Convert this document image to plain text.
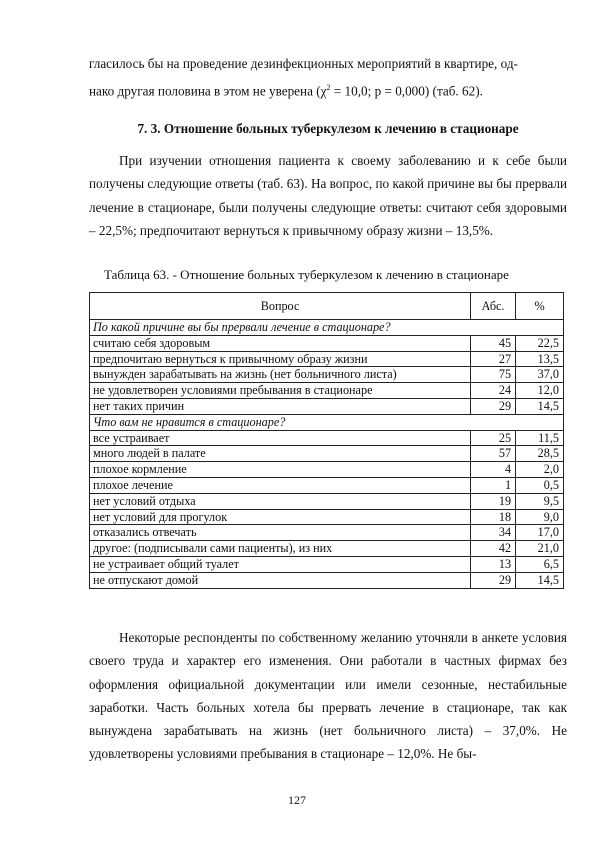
гласилось бы на проведение дезинфекционных мероприятий в квартире, од-

нако другая половина в этом не уверена ($\chi^2 = 10,0$; p = 0,000) (таб. 62).

7. 3. Отношение больных туберкулезом к лечению в стационаре

При изучении отношения пациента к своему заболеванию и к себе были получены следующие ответы (таб. 63). На вопрос, по какой причине вы бы прервали лечение в стационаре, были получены следующие ответы: считают себя здоровыми – 22,5%; предпочитают вернуться к привычному образу жизни – 13,5%.

Таблица 63. - Отношение больных туберкулезом к лечению в стационаре

Вопрос	Абс.	%
По какой причине вы бы прервали лечение в стационаре?		
считаю себя здоровым	45	22,5
предпочитаю вернуться к привычному образу жизни	27	13,5
вынужден зарабатывать на жизнь (нет больничного листа)	75	37,0
не удовлетворен условиями пребывания в стационаре	24	12,0
нет таких причин	29	14,5
Что вам не нравится в стационаре?		
все устраивает	25	11,5
много людей в палате	57	28,5
плохое кормление	4	2,0
плохое лечение	1	0,5
нет условий отдыха	19	9,5
нет условий для прогулок	18	9,0
отказались отвечать	34	17,0
другое: (подписывали сами пациенты), из них	42	21,0
не устраивает общий туалет	13	6,5
не отпускают домой	29	14,5

Некоторые респонденты по собственному желанию уточняли в анкете условия своего труда и характер его изменения. Они работали в частных фирмах без оформления официальной документации или имели сезонные, нестабильные заработки. Часть больных хотела бы прервать лечение в стационаре, так как вынуждена зарабатывать на жизнь (нет больничного листа) – 37,0%. Не удовлетворены условиями пребывания в стационаре – 12,0%. Не бы-

127
